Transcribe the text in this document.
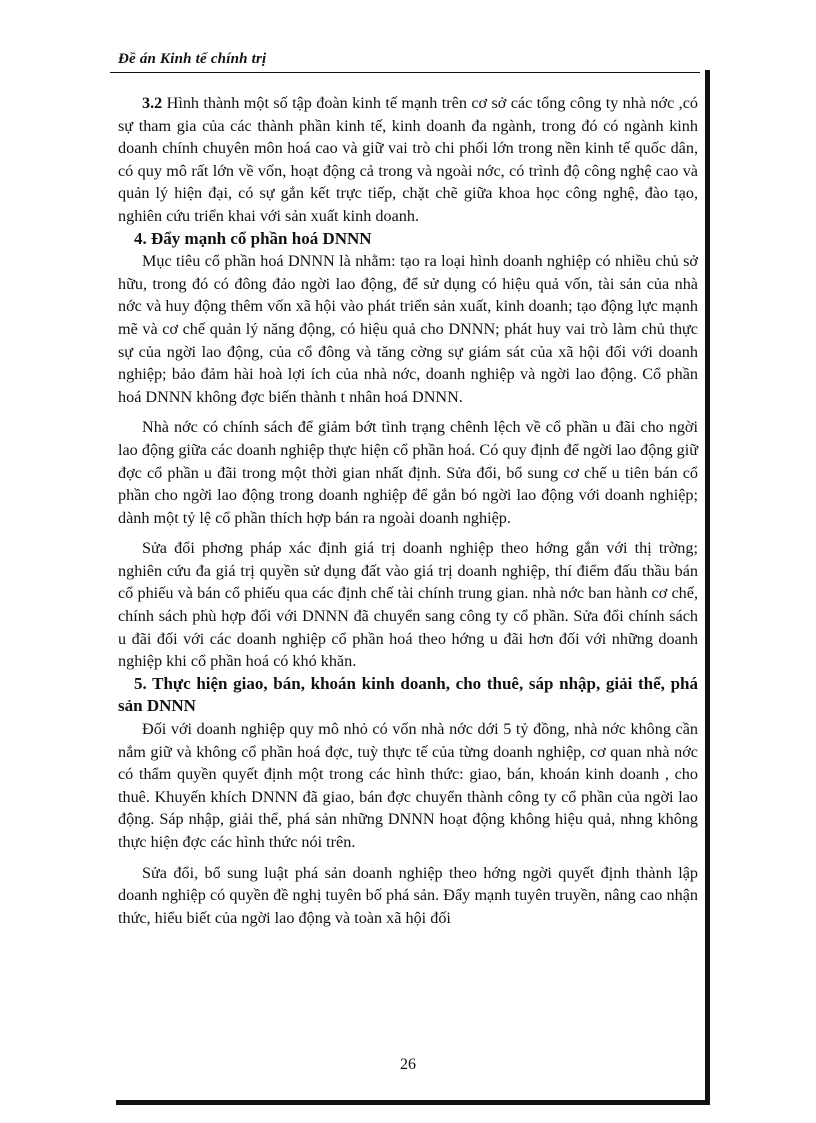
Đề án Kinh tế chính trị

3.2 Hình thành một số tập đoàn kinh tế mạnh trên cơ sở các tổng công ty nhà nớc ,có sự tham gia của các thành phần kinh tế, kinh doanh đa ngành, trong đó có ngành kinh doanh chính chuyên môn hoá cao và giữ vai trò chi phối lớn trong nền kinh tế quốc dân, có quy mô rất lớn về vốn, hoạt động cả trong và ngoài nớc, có trình độ công nghệ cao và quản lý hiện đại, có sự gắn kết trực tiếp, chặt chẽ giữa khoa học công nghệ, đào tạo, nghiên cứu triển khai với sản xuất kinh doanh.

4. Đẩy mạnh cổ phần hoá DNNN

Mục tiêu cổ phần hoá DNNN là nhằm: tạo ra loại hình doanh nghiệp có nhiều chủ sở hữu, trong đó có đông đảo ngời lao động, để sử dụng có hiệu quả vốn, tài sản của nhà nớc và huy động thêm vốn xã hội vào phát triển sản xuất, kinh doanh; tạo động lực mạnh mẽ và cơ chế quản lý năng động, có hiệu quả cho DNNN; phát huy vai trò làm chủ thực sự của ngời lao động, của cổ đông và tăng cờng sự giám sát của xã hội đối với doanh nghiệp; bảo đảm hài hoà lợi ích của nhà nớc, doanh nghiệp và ngời lao động. Cổ phần hoá DNNN không đợc biến thành t nhân hoá DNNN.

Nhà nớc có chính sách để giảm bớt tình trạng chênh lệch về cổ phần u đãi cho ngời lao động giữa các doanh nghiệp thực hiện cổ phần hoá. Có quy định để ngời lao động giữ đợc cổ phần u đãi trong một thời gian nhất định. Sửa đổi, bổ sung cơ chế u tiên bán cổ phần cho ngời lao động trong doanh nghiệp để gắn bó ngời lao động với doanh nghiệp; dành một tỷ lệ cổ phần thích hợp bán ra ngoài doanh nghiệp.

Sửa đổi phơng pháp xác định giá trị doanh nghiệp theo hớng gắn với thị trờng; nghiên cứu đa giá trị quyền sử dụng đất vào giá trị doanh nghiệp, thí điểm đấu thầu bán cổ phiếu và bán cổ phiếu qua các định chế tài chính trung gian. nhà nớc ban hành cơ chế, chính sách phù hợp đối với DNNN đã chuyển sang công ty cổ phần. Sửa đổi chính sách u đãi đối với các doanh nghiệp cổ phần hoá theo hớng u đãi hơn đối với những doanh nghiệp khi cổ phần hoá có khó khăn.

5. Thực hiện giao, bán, khoán kinh doanh, cho thuê, sáp nhập, giải thể, phá sản DNNN

Đối với doanh nghiệp quy mô nhỏ có vốn nhà nớc dới 5 tỷ đồng, nhà nớc không cần nắm giữ và không cổ phần hoá đợc, tuỳ thực tế của từng doanh nghiệp, cơ quan nhà nớc có thẩm quyền quyết định một trong các hình thức: giao, bán, khoán kinh doanh , cho thuê. Khuyến khích DNNN đã giao, bán đợc chuyển thành công ty cổ phần của ngời lao động. Sáp nhập, giải thể, phá sản những DNNN hoạt động không hiệu quả, nhng không thực hiện đợc các hình thức nói trên.

Sửa đổi, bổ sung luật phá sản doanh nghiệp theo hớng ngời quyết định thành lập doanh nghiệp có quyền đề nghị tuyên bố phá sản. Đẩy mạnh tuyên truyền, nâng cao nhận thức, hiểu biết của ngời lao động và toàn xã hội đối

26
